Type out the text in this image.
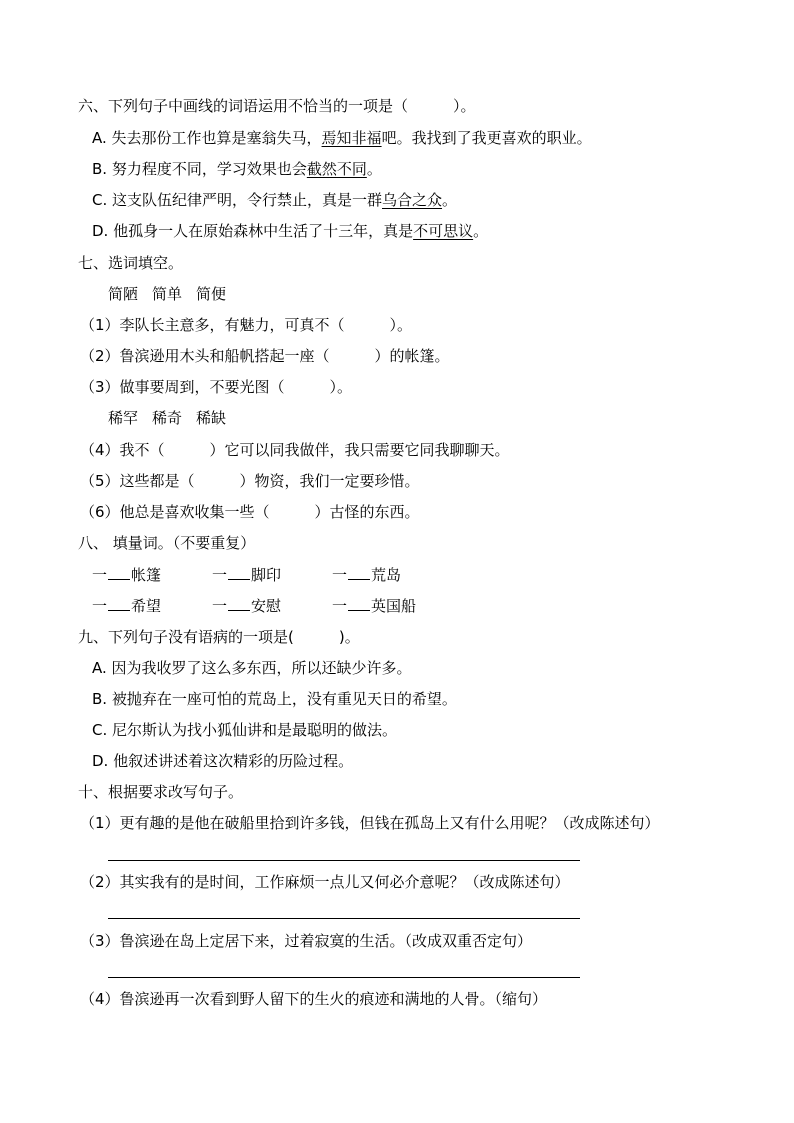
六、下列句子中画线的词语运用不恰当的一项是（　　　）。
A. 失去那份工作也算是塞翁失马，焉知非福吧。我找到了我更喜欢的职业。
B. 努力程度不同，学习效果也会截然不同。
C. 这支队伍纪律严明，令行禁止，真是一群乌合之众。
D. 他孤身一人在原始森林中生活了十三年，真是不可思议。
七、选词填空。
简陋 简单 简便
（1）李队长主意多，有魅力，可真不（　　　）。
（2）鲁滨逊用木头和船帆搭起一座（　　　）的帐篷。
（3）做事要周到，不要光图（　　　）。
稀罕 稀奇 稀缺
（4）我不（　　　）它可以同我做伴，我只需要它同我聊聊天。
（5）这些都是（　　　）物资，我们一定要珍惜。
（6）他总是喜欢收集一些（　　　）古怪的东西。
八、 填量词。（不要重复）
一 帐篷	一 脚印	一 荒岛
一 希望	一 安慰	一 英国船
九、下列句子没有语病的一项是(　　　)。
A. 因为我收罗了这么多东西，所以还缺少许多。
B. 被抛弃在一座可怕的荒岛上，没有重见天日的希望。
C. 尼尔斯认为找小狐仙讲和是最聪明的做法。
D. 他叙述讲述着这次精彩的历险过程。
十、根据要求改写句子。
（1）更有趣的是他在破船里拾到许多钱，但钱在孤岛上又有什么用呢？（改成陈述句）
（2）其实我有的是时间，工作麻烦一点儿又何必介意呢？（改成陈述句）
（3）鲁滨逊在岛上定居下来，过着寂寞的生活。（改成双重否定句）
（4）鲁滨逊再一次看到野人留下的生火的痕迹和满地的人骨。（缩句）
